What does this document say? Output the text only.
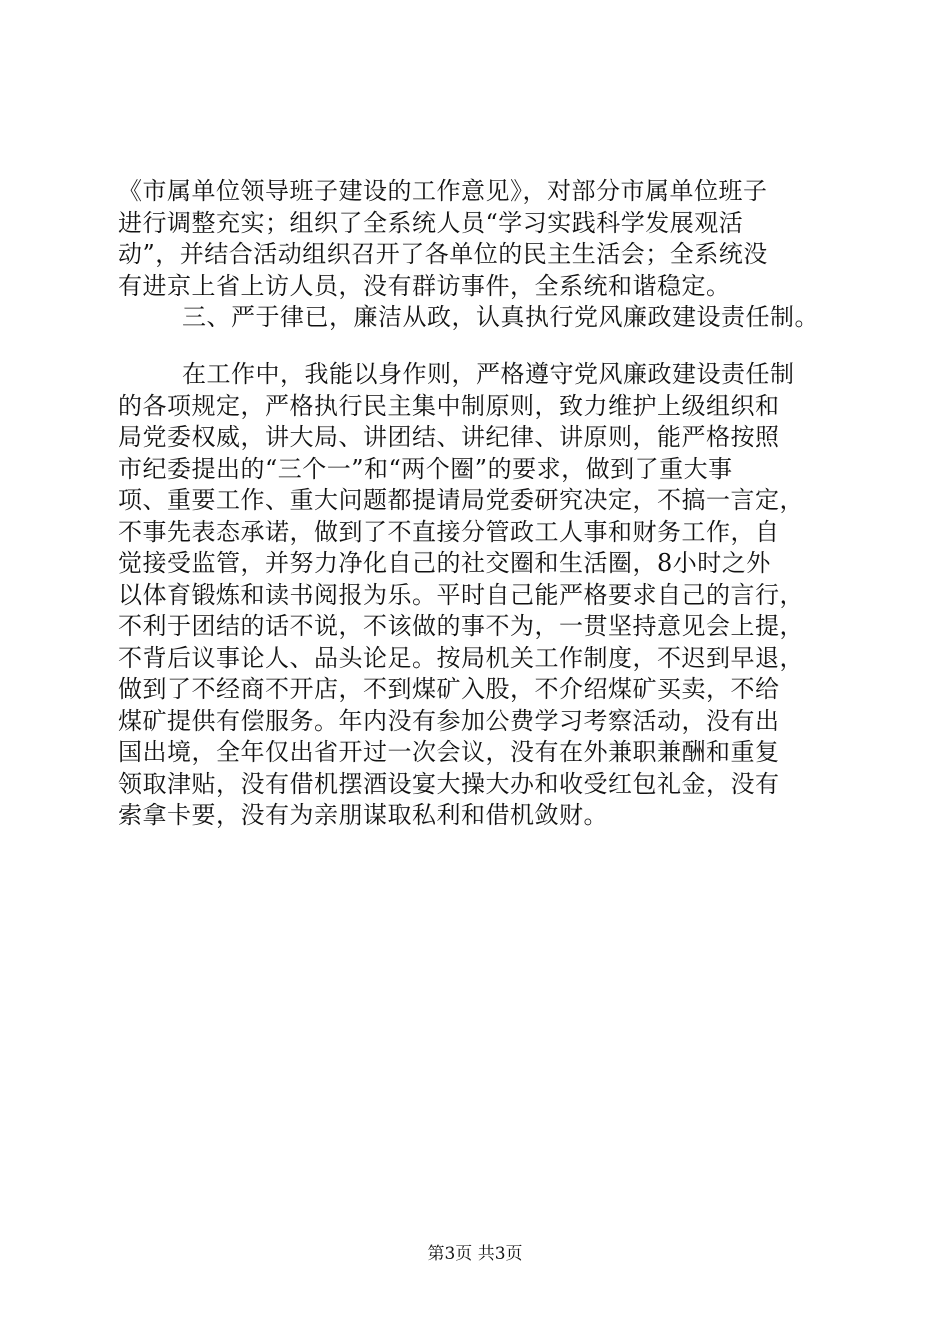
《市属单位领导班子建设的工作意见》，对部分市属单位班子
进行调整充实；组织了全系统人员“学习实践科学发展观活
动”，并结合活动组织召开了各单位的民主生活会；全系统没
有进京上省上访人员，没有群访事件，全系统和谐稳定。
三、严于律已，廉洁从政，认真执行党风廉政建设责任制。
在工作中，我能以身作则，严格遵守党风廉政建设责任制
的各项规定，严格执行民主集中制原则，致力维护上级组织和
局党委权威，讲大局、讲团结、讲纪律、讲原则，能严格按照
市纪委提出的“三个一”和“两个圈”的要求，做到了重大事
项、重要工作、重大问题都提请局党委研究决定，不搞一言定，
不事先表态承诺，做到了不直接分管政工人事和财务工作，自
觉接受监管，并努力净化自己的社交圈和生活圈，8小时之外
以体育锻炼和读书阅报为乐。平时自己能严格要求自己的言行，
不利于团结的话不说，不该做的事不为，一贯坚持意见会上提，
不背后议事论人、品头论足。按局机关工作制度，不迟到早退，
做到了不经商不开店，不到煤矿入股，不介绍煤矿买卖，不给
煤矿提供有偿服务。年内没有参加公费学习考察活动，没有出
国出境，全年仅出省开过一次会议，没有在外兼职兼酬和重复
领取津贴，没有借机摆酒设宴大操大办和收受红包礼金，没有
索拿卡要，没有为亲朋谋取私利和借机敛财。
第3页 共3页
